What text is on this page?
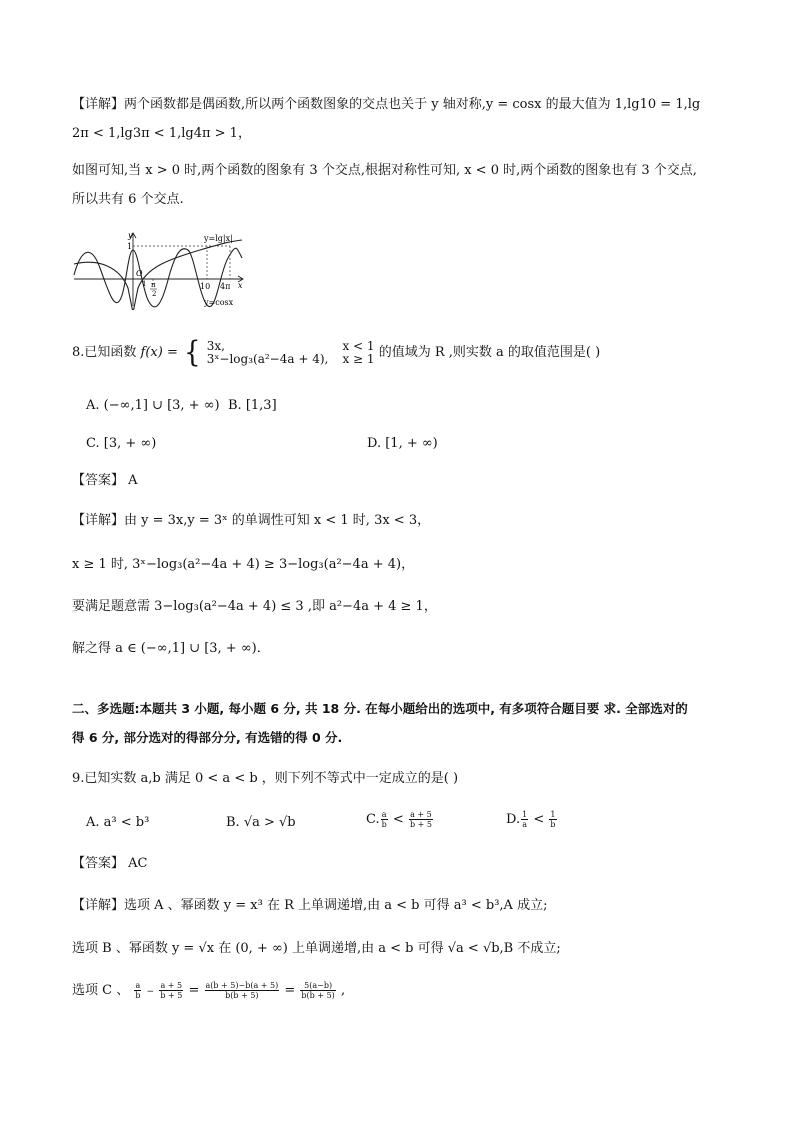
【详解】两个函数都是偶函数,所以两个函数图象的交点也关于 y 轴对称,y = cosx 的最大值为 1,lg10 = 1,lg
2π < 1,lg3π < 1,lg4π > 1，
如图可知,当 x > 0 时,两个函数的图象有 3 个交点,根据对称性可知, x < 0 时,两个函数的图象也有 3 个交点,
所以共有 6 个交点.
y
1
y=lg|x|
O
x
1 π
2
10 4π
y=cosx
8.已知函数 f(x) = { 3x,
3ˣ−log₃(a²−4a + 4),

x < 1
x ≥ 1 的值域为 R ,则实数 a 的取值范围是( )
A. (−∞,1] ∪ [3, + ∞) B. [1,3]
C. [3, + ∞)	D. [1, + ∞)
【答案】 A
【详解】由 y = 3x,y = 3ˣ 的单调性可知 x < 1 时, 3x < 3，
x ≥ 1 时, 3ˣ−log₃(a²−4a + 4) ≥ 3−log₃(a²−4a + 4)，
要满足题意需 3−log₃(a²−4a + 4) ≤ 3 ,即 a²−4a + 4 ≥ 1，
解之得 a ∈ (−∞,1] ∪ [3, + ∞)．
二、多选题:本题共 3 小题, 每小题 6 分, 共 18 分. 在每小题给出的选项中, 有多项符合题目要 求. 全部选对的
得 6 分, 部分选对的得部分分, 有选错的得 0 分.
9.已知实数 a,b 满足 0 < a < b ，则下列不等式中一定成立的是( )
A. a³ < b³	B. √a > √b	C. $\frac{a}{b} < \frac{a + 5}{b + 5}$	D. $\frac{1}{a} < \frac{1}{b}$
【答案】 AC
【详解】选项 A 、幂函数 y = x³ 在 R 上单调递增,由 a < b 可得 a³ < b³,A 成立;
选项 B 、幂函数 y = √x 在 (0, + ∞) 上单调递增,由 a < b 可得 √a < √b,B 不成立;
选项 C 、 $\frac{a}{b} - \frac{a + 5}{b + 5} = \frac{a(b + 5)-b(a + 5)}{b(b + 5)} = \frac{5(a-b)}{b(b + 5)}$ ,
